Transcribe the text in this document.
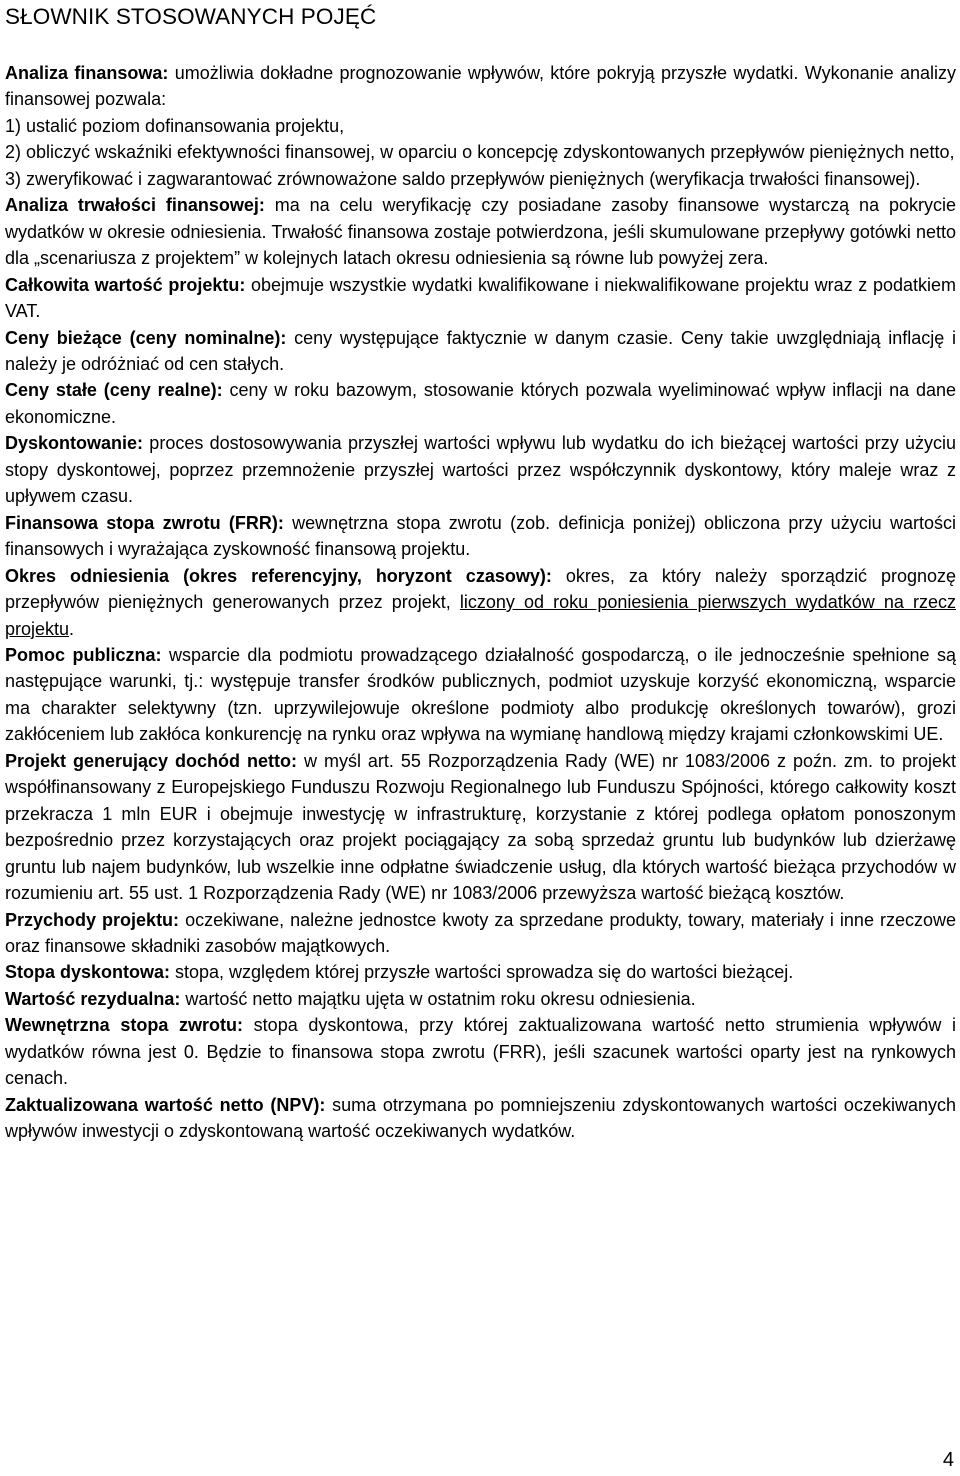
SŁOWNIK STOSOWANYCH POJĘĆ
Analiza finansowa: umożliwia dokładne prognozowanie wpływów, które pokryją przyszłe wydatki. Wykonanie analizy finansowej pozwala:
1) ustalić poziom dofinansowania projektu,
2) obliczyć wskaźniki efektywności finansowej, w oparciu o koncepcję zdyskontowanych przepływów pieniężnych netto,
3) zweryfikować i zagwarantować zrównoważone saldo przepływów pieniężnych (weryfikacja trwałości finansowej).

Analiza trwałości finansowej: ma na celu weryfikację czy posiadane zasoby finansowe wystarczą na pokrycie wydatków w okresie odniesienia. Trwałość finansowa zostaje potwierdzona, jeśli skumulowane przepływy gotówki netto dla „scenariusza z projektem” w kolejnych latach okresu odniesienia są równe lub powyżej zera.

Całkowita wartość projektu: obejmuje wszystkie wydatki kwalifikowane i niekwalifikowane projektu wraz z podatkiem VAT.

Ceny bieżące (ceny nominalne): ceny występujące faktycznie w danym czasie. Ceny takie uwzględniają inflację i należy je odróżniać od cen stałych.

Ceny stałe (ceny realne): ceny w roku bazowym, stosowanie których pozwala wyeliminować wpływ inflacji na dane ekonomiczne.

Dyskontowanie: proces dostosowywania przyszłej wartości wpływu lub wydatku do ich bieżącej wartości przy użyciu stopy dyskontowej, poprzez przemnożenie przyszłej wartości przez współczynnik dyskontowy, który maleje wraz z upływem czasu.

Finansowa stopa zwrotu (FRR): wewnętrzna stopa zwrotu (zob. definicja poniżej) obliczona przy użyciu wartości finansowych i wyrażająca zyskowność finansową projektu.

Okres odniesienia (okres referencyjny, horyzont czasowy): okres, za który należy sporządzić prognozę przepływów pieniężnych generowanych przez projekt, liczony od roku poniesienia pierwszych wydatków na rzecz projektu.

Pomoc publiczna: wsparcie dla podmiotu prowadzącego działalność gospodarczą, o ile jednocześnie spełnione są następujące warunki, tj.: występuje transfer środków publicznych, podmiot uzyskuje korzyść ekonomiczną, wsparcie ma charakter selektywny (tzn. uprzywilejowuje określone podmioty albo produkcję określonych towarów), grozi zakłóceniem lub zakłóca konkurencję na rynku oraz wpływa na wymianę handlową między krajami członkowskimi UE.

Projekt generujący dochód netto: w myśl art. 55 Rozporządzenia Rady (WE) nr 1083/2006 z poźn. zm. to projekt współfinansowany z Europejskiego Funduszu Rozwoju Regionalnego lub Funduszu Spójności, którego całkowity koszt przekracza 1 mln EUR i obejmuje inwestycję w infrastrukturę, korzystanie z której podlega opłatom ponoszonym bezpośrednio przez korzystających oraz projekt pociągający za sobą sprzedaż gruntu lub budynków lub dzierżawę gruntu lub najem budynków, lub wszelkie inne odpłatne świadczenie usług, dla których wartość bieżąca przychodów w rozumieniu art. 55 ust. 1 Rozporządzenia Rady (WE) nr 1083/2006 przewyższa wartość bieżącą kosztów.

Przychody projektu: oczekiwane, należne jednostce kwoty za sprzedane produkty, towary, materiały i inne rzeczowe oraz finansowe składniki zasobów majątkowych.

Stopa dyskontowa: stopa, względem której przyszłe wartości sprowadza się do wartości bieżącej.

Wartość rezydualna: wartość netto majątku ujęta w ostatnim roku okresu odniesienia.

Wewnętrzna stopa zwrotu: stopa dyskontowa, przy której zaktualizowana wartość netto strumienia wpływów i wydatków równa jest 0. Będzie to finansowa stopa zwrotu (FRR), jeśli szacunek wartości oparty jest na rynkowych cenach.

Zaktualizowana wartość netto (NPV): suma otrzymana po pomniejszeniu zdyskontowanych wartości oczekiwanych wpływów inwestycji o zdyskontowaną wartość oczekiwanych wydatków.

4
